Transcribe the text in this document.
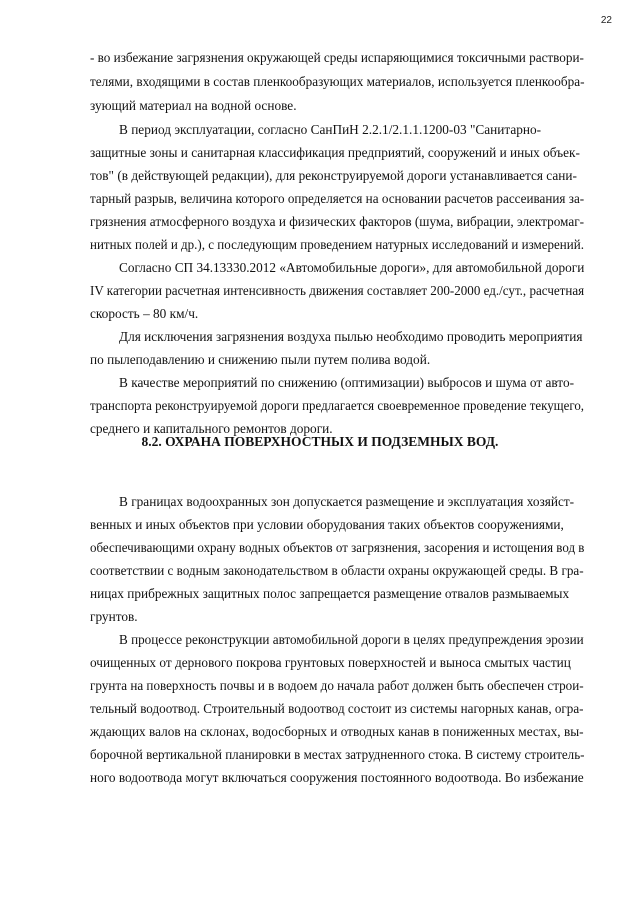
22
- во избежание загрязнения окружающей среды испаряющимися токсичными раствори-
телями, входящими в состав пленкообразующих материалов, используется пленкообра-
зующий материал на водной основе.
В период эксплуатации, согласно СанПиН 2.2.1/2.1.1.1200-03 "Санитарно-
защитные зоны и санитарная классификация предприятий, сооружений и иных объек-
тов" (в действующей редакции), для реконструируемой дороги устанавливается сани-
тарный разрыв, величина которого определяется на основании расчетов рассеивания за-
грязнения атмосферного воздуха и физических факторов (шума, вибрации, электромаг-
нитных полей и др.), с последующим проведением натурных исследований и измерений.
Согласно СП 34.13330.2012 «Автомобильные дороги», для автомобильной дороги
IV категории расчетная интенсивность движения составляет 200-2000 ед./сут., расчетная
скорость – 80 км/ч.
Для исключения загрязнения воздуха пылью необходимо проводить мероприятия
по пылеподавлению и снижению пыли путем полива водой.
В качестве мероприятий по снижению (оптимизации) выбросов и шума от авто-
транспорта реконструируемой дороги предлагается своевременное проведение текущего,
среднего и капитального ремонтов дороги.
8.2. ОХРАНА ПОВЕРХНОСТНЫХ И ПОДЗЕМНЫХ ВОД.
В границах водоохранных зон допускается размещение и эксплуатация хозяйст-
венных и иных объектов при условии оборудования таких объектов сооружениями,
обеспечивающими охрану водных объектов от загрязнения, засорения и истощения вод в
соответствии с водным законодательством в области охраны окружающей среды. В гра-
ницах прибрежных защитных полос запрещается размещение отвалов размываемых
грунтов.
В процессе реконструкции автомобильной дороги в целях предупреждения эрозии
очищенных от дернового покрова грунтовых поверхностей и выноса смытых частиц
грунта на поверхность почвы и в водоем до начала работ должен быть обеспечен строи-
тельный водоотвод. Строительный водоотвод состоит из системы нагорных канав, огра-
ждающих валов на склонах, водосборных и отводных канав в пониженных местах, вы-
борочной вертикальной планировки в местах затрудненного стока. В систему строитель-
ного водоотвода могут включаться сооружения постоянного водоотвода. Во избежание
